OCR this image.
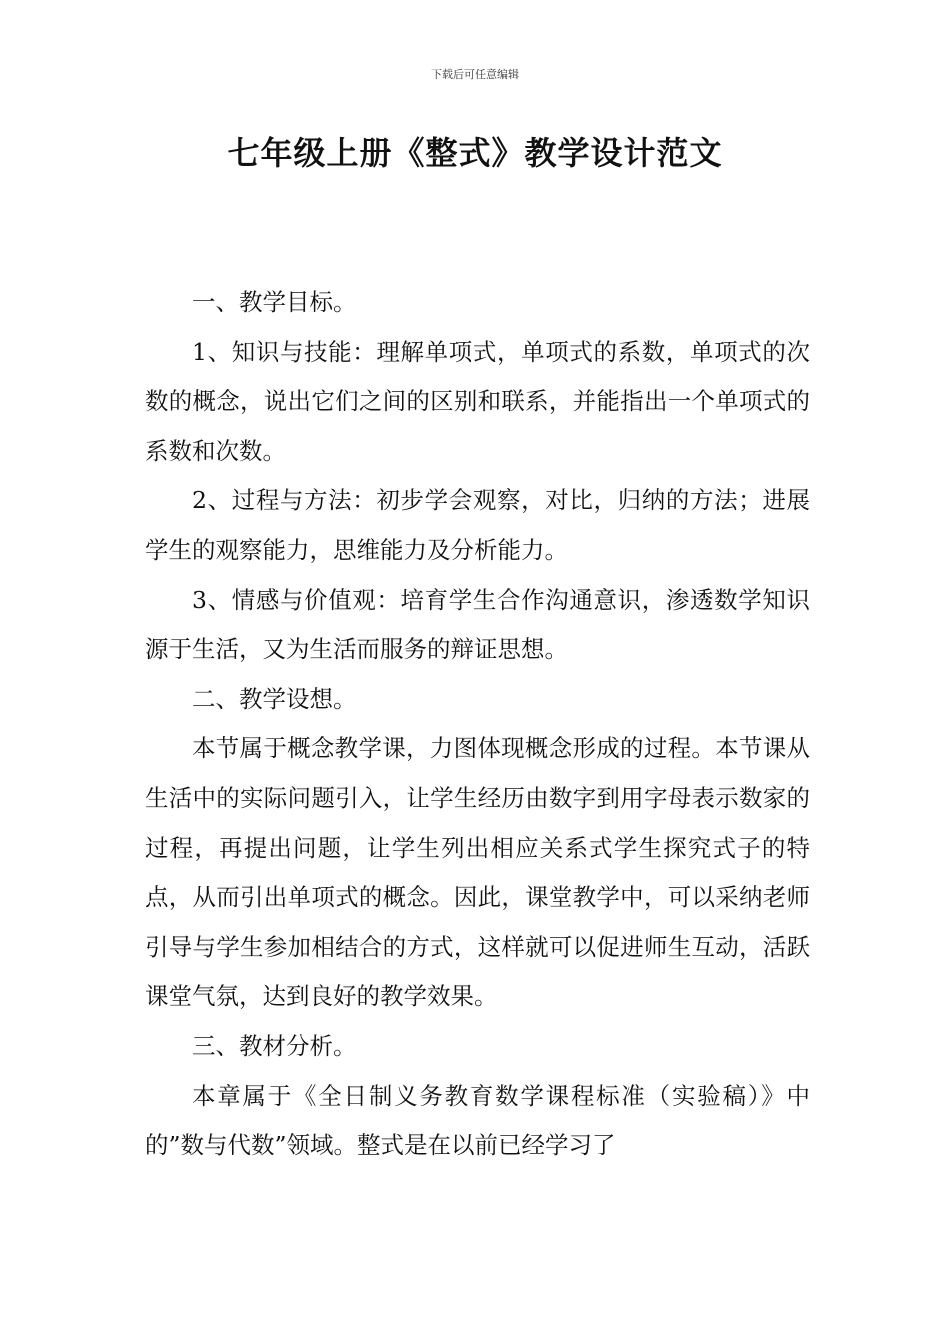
下载后可任意编辑
七年级上册《整式》教学设计范文

一、教学目标。

1、知识与技能：理解单项式，单项式的系数，单项式的次数的概念，说出它们之间的区别和联系，并能指出一个单项式的系数和次数。

2、过程与方法：初步学会观察，对比，归纳的方法；进展学生的观察能力，思维能力及分析能力。

3、情感与价值观：培育学生合作沟通意识，渗透数学知识源于生活，又为生活而服务的辩证思想。

二、教学设想。

本节属于概念教学课，力图体现概念形成的过程。本节课从生活中的实际问题引入，让学生经历由数字到用字母表示数家的过程，再提出问题，让学生列出相应关系式学生探究式子的特点，从而引出单项式的概念。因此，课堂教学中，可以采纳老师引导与学生参加相结合的方式，这样就可以促进师生互动，活跃课堂气氛，达到良好的教学效果。

三、教材分析。

本章属于《全日制义务教育数学课程标准（实验稿）》中的”数与代数”领域。整式是在以前已经学习了
